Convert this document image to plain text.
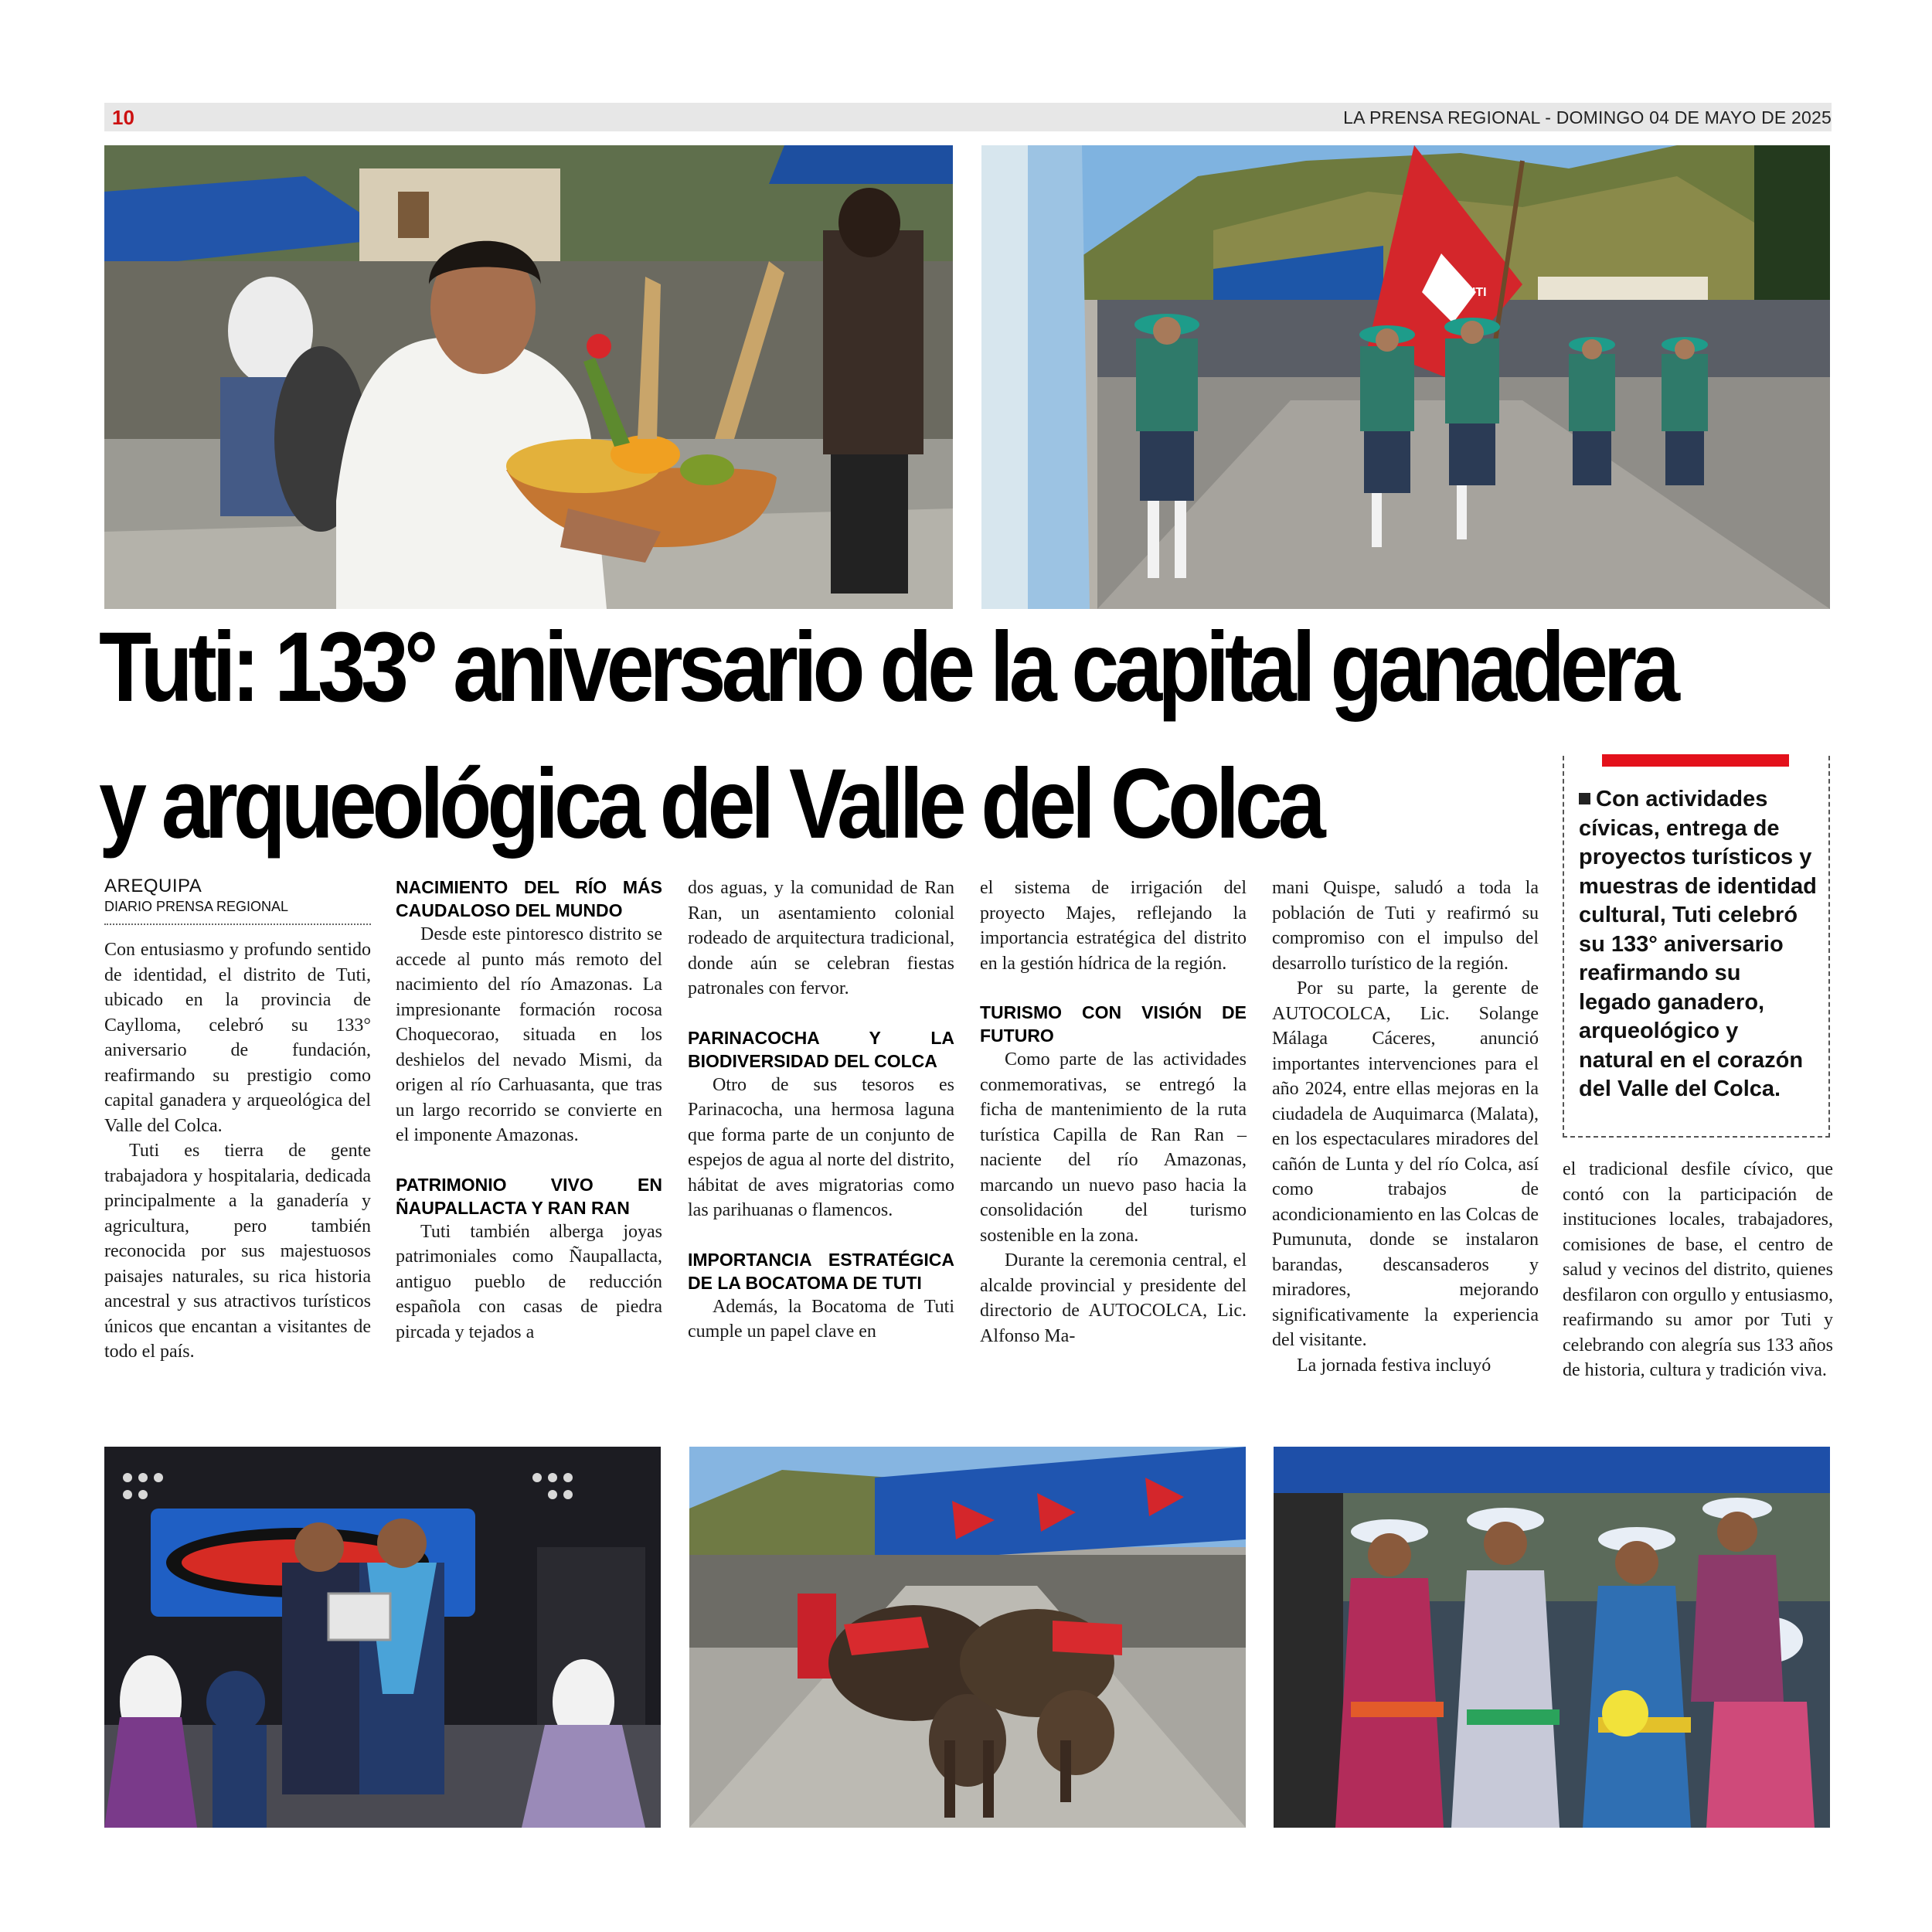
10	LA PRENSA REGIONAL - DOMINGO 04 DE MAYO DE 2025
TUTI
Tuti: 133° aniversario de la capital ganadera
y arqueológica del Valle del Colca	Con actividades cívicas, entrega de proyectos turísticos y muestras de identidad cultural, Tuti celebró su 133° aniversario reafirmando su legado ganadero, arqueológico y natural en el corazón del Valle del Colca.
AREQUIPA
DIARIO PRENSA REGIONAL

Con entusiasmo y profundo sentido de identidad, el distrito de Tuti, ubicado en la provincia de Caylloma, celebró su 133° aniversario de fundación, reafirmando su prestigio como capital ganadera y arqueológica del Valle del Colca.

Tuti es tierra de gente trabajadora y hospitalaria, dedicada principalmente a la ganadería y agricultura, pero también reconocida por sus majestuosos paisajes naturales, su rica historia ancestral y sus atractivos turísticos únicos que encantan a visitantes de todo el país.

NACIMIENTO DEL RÍO MÁS CAUDALOSO DEL MUNDO

Desde este pintoresco distrito se accede al punto más remoto del nacimiento del río Amazonas. La impresionante formación rocosa Choquecorao, situada en los deshielos del nevado Mismi, da origen al río Carhuasanta, que tras un largo recorrido se convierte en el imponente Amazonas.

PATRIMONIO VIVO EN ÑAUPALLACTA Y RAN RAN

Tuti también alberga joyas patrimoniales como Ñaupallacta, antiguo pueblo de reducción española con casas de piedra pircada y tejados a

dos aguas, y la comunidad de Ran Ran, un asentamiento colonial rodeado de arquitectura tradicional, donde aún se celebran fiestas patronales con fervor.

PARINACOCHA Y LA BIODIVERSIDAD DEL COLCA

Otro de sus tesoros es Parinacocha, una hermosa laguna que forma parte de un conjunto de espejos de agua al norte del distrito, hábitat de aves migratorias como las parihuanas o flamencos.

IMPORTANCIA ESTRATÉGICA DE LA BOCATOMA DE TUTI

Además, la Bocatoma de Tuti cumple un papel clave en

el sistema de irrigación del proyecto Majes, reflejando la importancia estratégica del distrito en la gestión hídrica de la región.

TURISMO CON VISIÓN DE FUTURO

Como parte de las actividades conmemorativas, se entregó la ficha de mantenimiento de la ruta turística Capilla de Ran Ran – naciente del río Amazonas, marcando un nuevo paso hacia la consolidación del turismo sostenible en la zona.

Durante la ceremonia central, el alcalde provincial y presidente del directorio de AUTOCOLCA, Lic. Alfonso Ma-

mani Quispe, saludó a toda la población de Tuti y reafirmó su compromiso con el impulso del desarrollo turístico de la región.

Por su parte, la gerente de AUTOCOLCA, Lic. Solange Málaga Cáceres, anunció importantes intervenciones para el año 2024, entre ellas mejoras en la ciudadela de Auquimarca (Malata), en los espectaculares miradores del cañón de Lunta y del río Colca, así como trabajos de acondicionamiento en las Colcas de Pumunuta, donde se instalaron barandas, descansaderos y miradores, mejorando significativamente la experiencia del visitante.

La jornada festiva incluyó

el tradicional desfile cívico, que contó con la participación de instituciones locales, trabajadores, comisiones de base, el centro de salud y vecinos del distrito, quienes desfilaron con orgullo y entusiasmo, reafirmando su amor por Tuti y celebrando con alegría sus 133 años de historia, cultura y tradición viva.
